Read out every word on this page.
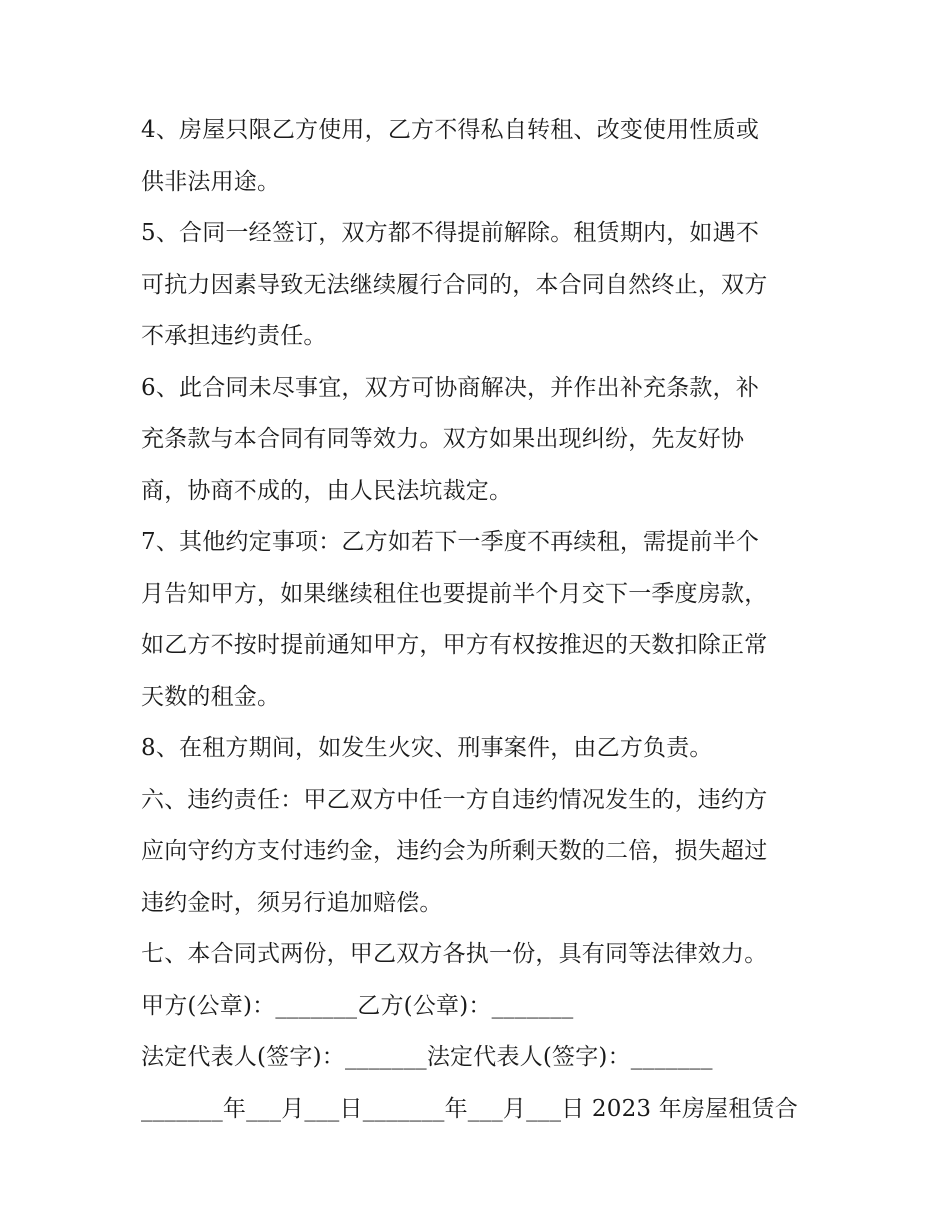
4、房屋只限乙方使用，乙方不得私自转租、改变使用性质或
供非法用途。
5、合同一经签订，双方都不得提前解除。租赁期内，如遇不
可抗力因素导致无法继续履行合同的，本合同自然终止，双方
不承担违约责任。
6、此合同未尽事宜，双方可协商解决，并作出补充条款，补
充条款与本合同有同等效力。双方如果出现纠纷，先友好协
商，协商不成的，由人民法坑裁定。
7、其他约定事项：乙方如若下一季度不再续租，需提前半个
月告知甲方，如果继续租住也要提前半个月交下一季度房款，
如乙方不按时提前通知甲方，甲方有权按推迟的天数扣除正常
天数的租金。
8、在租方期间，如发生火灾、刑事案件，由乙方负责。
六、违约责任：甲乙双方中任一方自违约情况发生的，违约方
应向守约方支付违约金，违约会为所剩天数的二倍，损失超过
违约金时，须另行追加赔偿。
七、本合同式两份，甲乙双方各执一份，具有同等法律效力。
甲方(公章)：_______乙方(公章)：_______
法定代表人(签字)：_______法定代表人(签字)：_______
_______年___月___日_______年___月___日 2023 年房屋租赁合
